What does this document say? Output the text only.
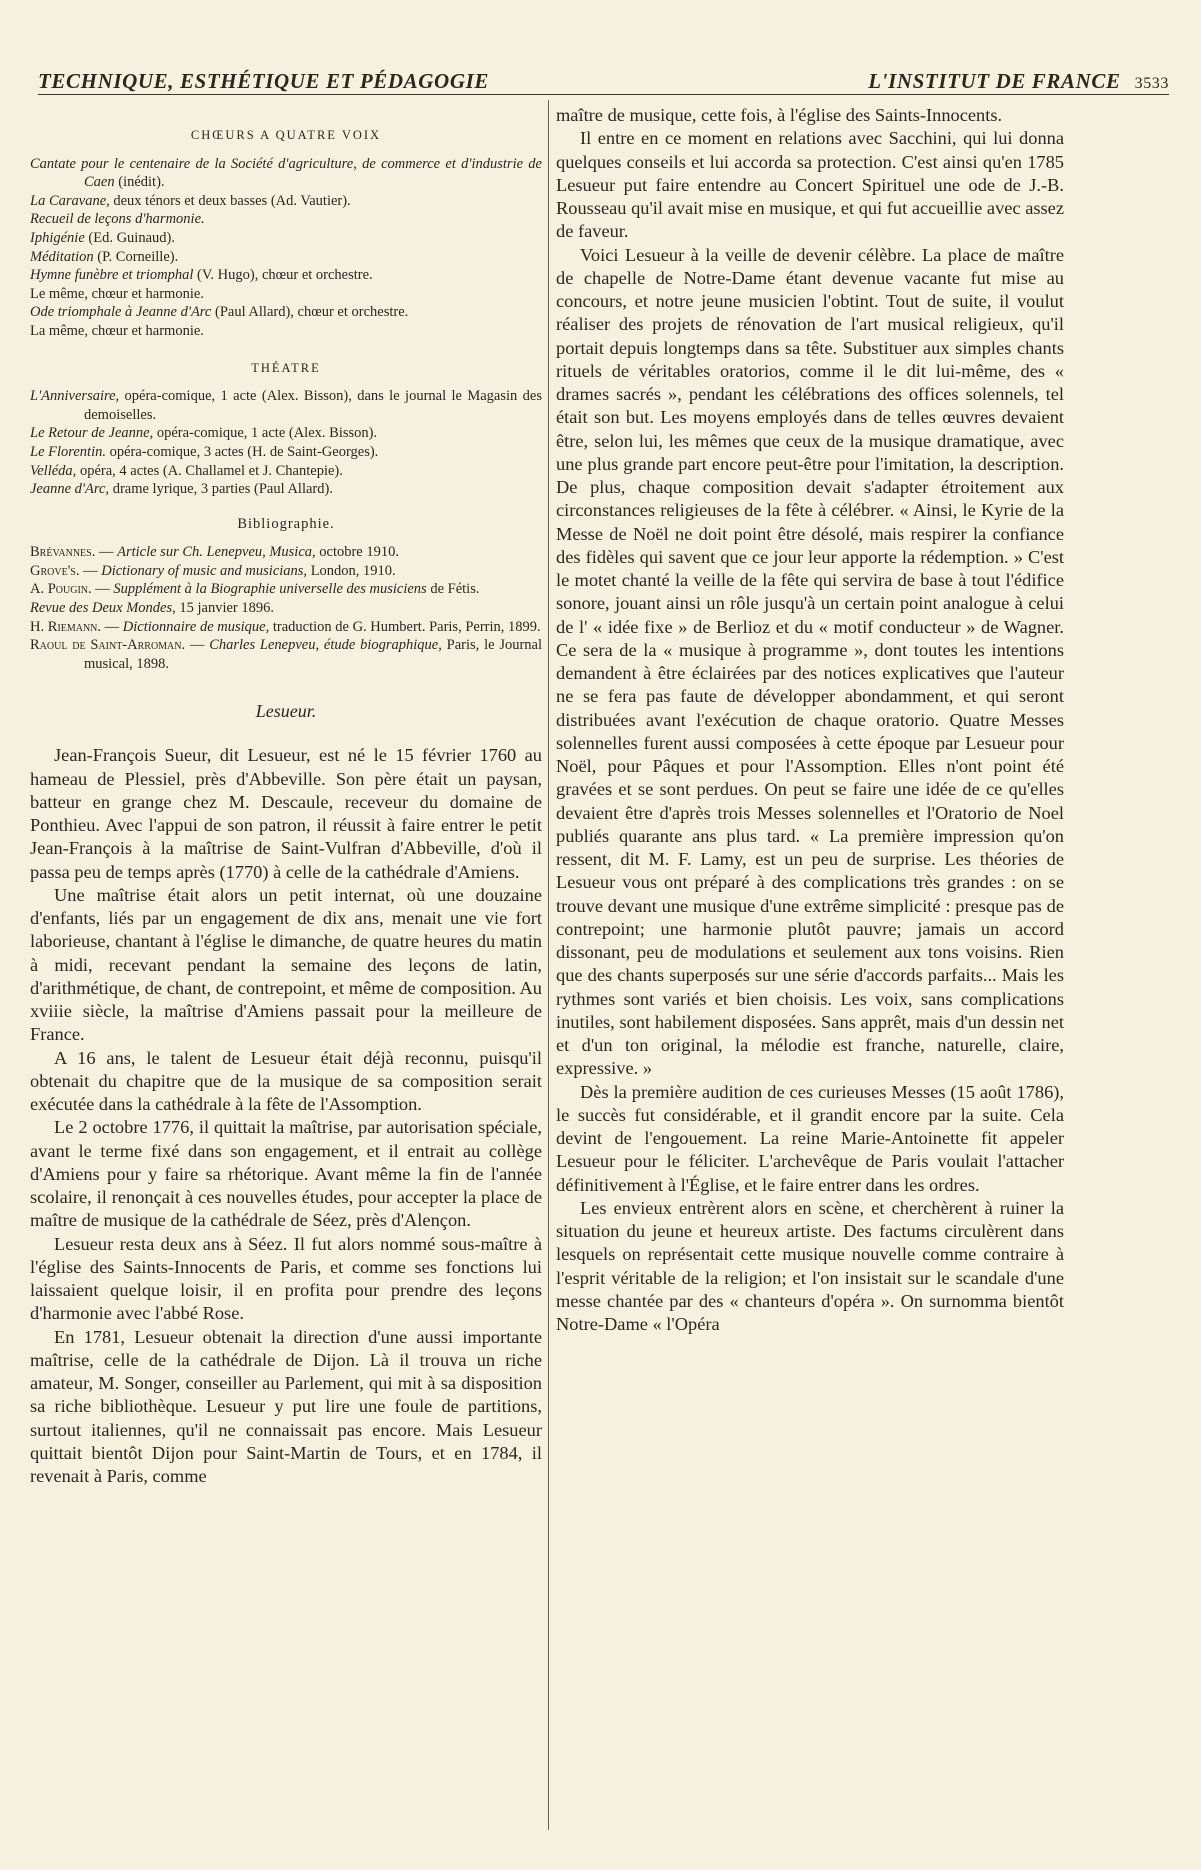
TECHNIQUE, ESTHÉTIQUE ET PÉDAGOGIE	L'INSTITUT DE FRANCE 3533
CHŒURS A QUATRE VOIX
Cantate pour le centenaire de la Société d'agriculture, de commerce et d'industrie de Caen (inédit).
La Caravane, deux ténors et deux basses (Ad. Vautier).
Recueil de leçons d'harmonie.
Iphigénie (Ed. Guinaud).
Méditation (P. Corneille).
Hymne funèbre et triomphal (V. Hugo), chœur et orchestre.
Le même, chœur et harmonie.
Ode triomphale à Jeanne d'Arc (Paul Allard), chœur et orchestre.
La même, chœur et harmonie.
THÉATRE
L'Anniversaire, opéra-comique, 1 acte (Alex. Bisson), dans le journal le Magasin des demoiselles.
Le Retour de Jeanne, opéra-comique, 1 acte (Alex. Bisson).
Le Florentin. opéra-comique, 3 actes (H. de Saint-Georges).
Velléda, opéra, 4 actes (A. Challamel et J. Chantepie).
Jeanne d'Arc, drame lyrique, 3 parties (Paul Allard).
Bibliographie.
Brévannes. — Article sur Ch. Lenepveu, Musica, octobre 1910.
Grove's. — Dictionary of music and musicians, London, 1910.
A. Pougin. — Supplément à la Biographie universelle des musiciens de Fétis.
Revue des Deux Mondes, 15 janvier 1896.
H. Riemann. — Dictionnaire de musique, traduction de G. Humbert. Paris, Perrin, 1899.
Raoul de Saint-Arroman. — Charles Lenepveu, étude biographique, Paris, le Journal musical, 1898.
Lesueur.

Jean-François Sueur, dit Lesueur, est né le 15 février 1760 au hameau de Plessiel, près d'Abbeville. Son père était un paysan, batteur en grange chez M. Descaule, receveur du domaine de Ponthieu. Avec l'appui de son patron, il réussit à faire entrer le petit Jean-François à la maîtrise de Saint-Vulfran d'Abbeville, d'où il passa peu de temps après (1770) à celle de la cathédrale d'Amiens.

Une maîtrise était alors un petit internat, où une douzaine d'enfants, liés par un engagement de dix ans, menait une vie fort laborieuse, chantant à l'église le dimanche, de quatre heures du matin à midi, recevant pendant la semaine des leçons de latin, d'arithmétique, de chant, de contrepoint, et même de composition. Au xviiie siècle, la maîtrise d'Amiens passait pour la meilleure de France.

A 16 ans, le talent de Lesueur était déjà reconnu, puisqu'il obtenait du chapitre que de la musique de sa composition serait exécutée dans la cathédrale à la fête de l'Assomption.

Le 2 octobre 1776, il quittait la maîtrise, par autorisation spéciale, avant le terme fixé dans son engagement, et il entrait au collège d'Amiens pour y faire sa rhétorique. Avant même la fin de l'année scolaire, il renonçait à ces nouvelles études, pour accepter la place de maître de musique de la cathédrale de Séez, près d'Alençon.

Lesueur resta deux ans à Séez. Il fut alors nommé sous-maître à l'église des Saints-Innocents de Paris, et comme ses fonctions lui laissaient quelque loisir, il en profita pour prendre des leçons d'harmonie avec l'abbé Rose.

En 1781, Lesueur obtenait la direction d'une aussi importante maîtrise, celle de la cathédrale de Dijon. Là il trouva un riche amateur, M. Songer, conseiller au Parlement, qui mit à sa disposition sa riche bibliothèque. Lesueur y put lire une foule de partitions, surtout italiennes, qu'il ne connaissait pas encore. Mais Lesueur quittait bientôt Dijon pour Saint-Martin de Tours, et en 1784, il revenait à Paris, comme

maître de musique, cette fois, à l'église des Saints-Innocents.

Il entre en ce moment en relations avec Sacchini, qui lui donna quelques conseils et lui accorda sa protection. C'est ainsi qu'en 1785 Lesueur put faire entendre au Concert Spirituel une ode de J.-B. Rousseau qu'il avait mise en musique, et qui fut accueillie avec assez de faveur.

Voici Lesueur à la veille de devenir célèbre. La place de maître de chapelle de Notre-Dame étant devenue vacante fut mise au concours, et notre jeune musicien l'obtint. Tout de suite, il voulut réaliser des projets de rénovation de l'art musical religieux, qu'il portait depuis longtemps dans sa tête. Substituer aux simples chants rituels de véritables oratorios, comme il le dit lui-même, des « drames sacrés », pendant les célébrations des offices solennels, tel était son but. Les moyens employés dans de telles œuvres devaient être, selon lui, les mêmes que ceux de la musique dramatique, avec une plus grande part encore peut-être pour l'imitation, la description. De plus, chaque composition devait s'adapter étroitement aux circonstances religieuses de la fête à célébrer. « Ainsi, le Kyrie de la Messe de Noël ne doit point être désolé, mais respirer la confiance des fidèles qui savent que ce jour leur apporte la rédemption. » C'est le motet chanté la veille de la fête qui servira de base à tout l'édifice sonore, jouant ainsi un rôle jusqu'à un certain point analogue à celui de l' « idée fixe » de Berlioz et du « motif conducteur » de Wagner. Ce sera de la « musique à programme », dont toutes les intentions demandent à être éclairées par des notices explicatives que l'auteur ne se fera pas faute de développer abondamment, et qui seront distribuées avant l'exécution de chaque oratorio. Quatre Messes solennelles furent aussi composées à cette époque par Lesueur pour Noël, pour Pâques et pour l'Assomption. Elles n'ont point été gravées et se sont perdues. On peut se faire une idée de ce qu'elles devaient être d'après trois Messes solennelles et l'Oratorio de Noel publiés quarante ans plus tard. « La première impression qu'on ressent, dit M. F. Lamy, est un peu de surprise. Les théories de Lesueur vous ont préparé à des complications très grandes : on se trouve devant une musique d'une extrême simplicité : presque pas de contrepoint; une harmonie plutôt pauvre; jamais un accord dissonant, peu de modulations et seulement aux tons voisins. Rien que des chants superposés sur une série d'accords parfaits... Mais les rythmes sont variés et bien choisis. Les voix, sans complications inutiles, sont habilement disposées. Sans apprêt, mais d'un dessin net et d'un ton original, la mélodie est franche, naturelle, claire, expressive. »

Dès la première audition de ces curieuses Messes (15 août 1786), le succès fut considérable, et il grandit encore par la suite. Cela devint de l'engouement. La reine Marie-Antoinette fit appeler Lesueur pour le féliciter. L'archevêque de Paris voulait l'attacher définitivement à l'Église, et le faire entrer dans les ordres.

Les envieux entrèrent alors en scène, et cherchèrent à ruiner la situation du jeune et heureux artiste. Des factums circulèrent dans lesquels on représentait cette musique nouvelle comme contraire à l'esprit véritable de la religion; et l'on insistait sur le scandale d'une messe chantée par des « chanteurs d'opéra ». On surnomma bientôt Notre-Dame « l'Opéra
